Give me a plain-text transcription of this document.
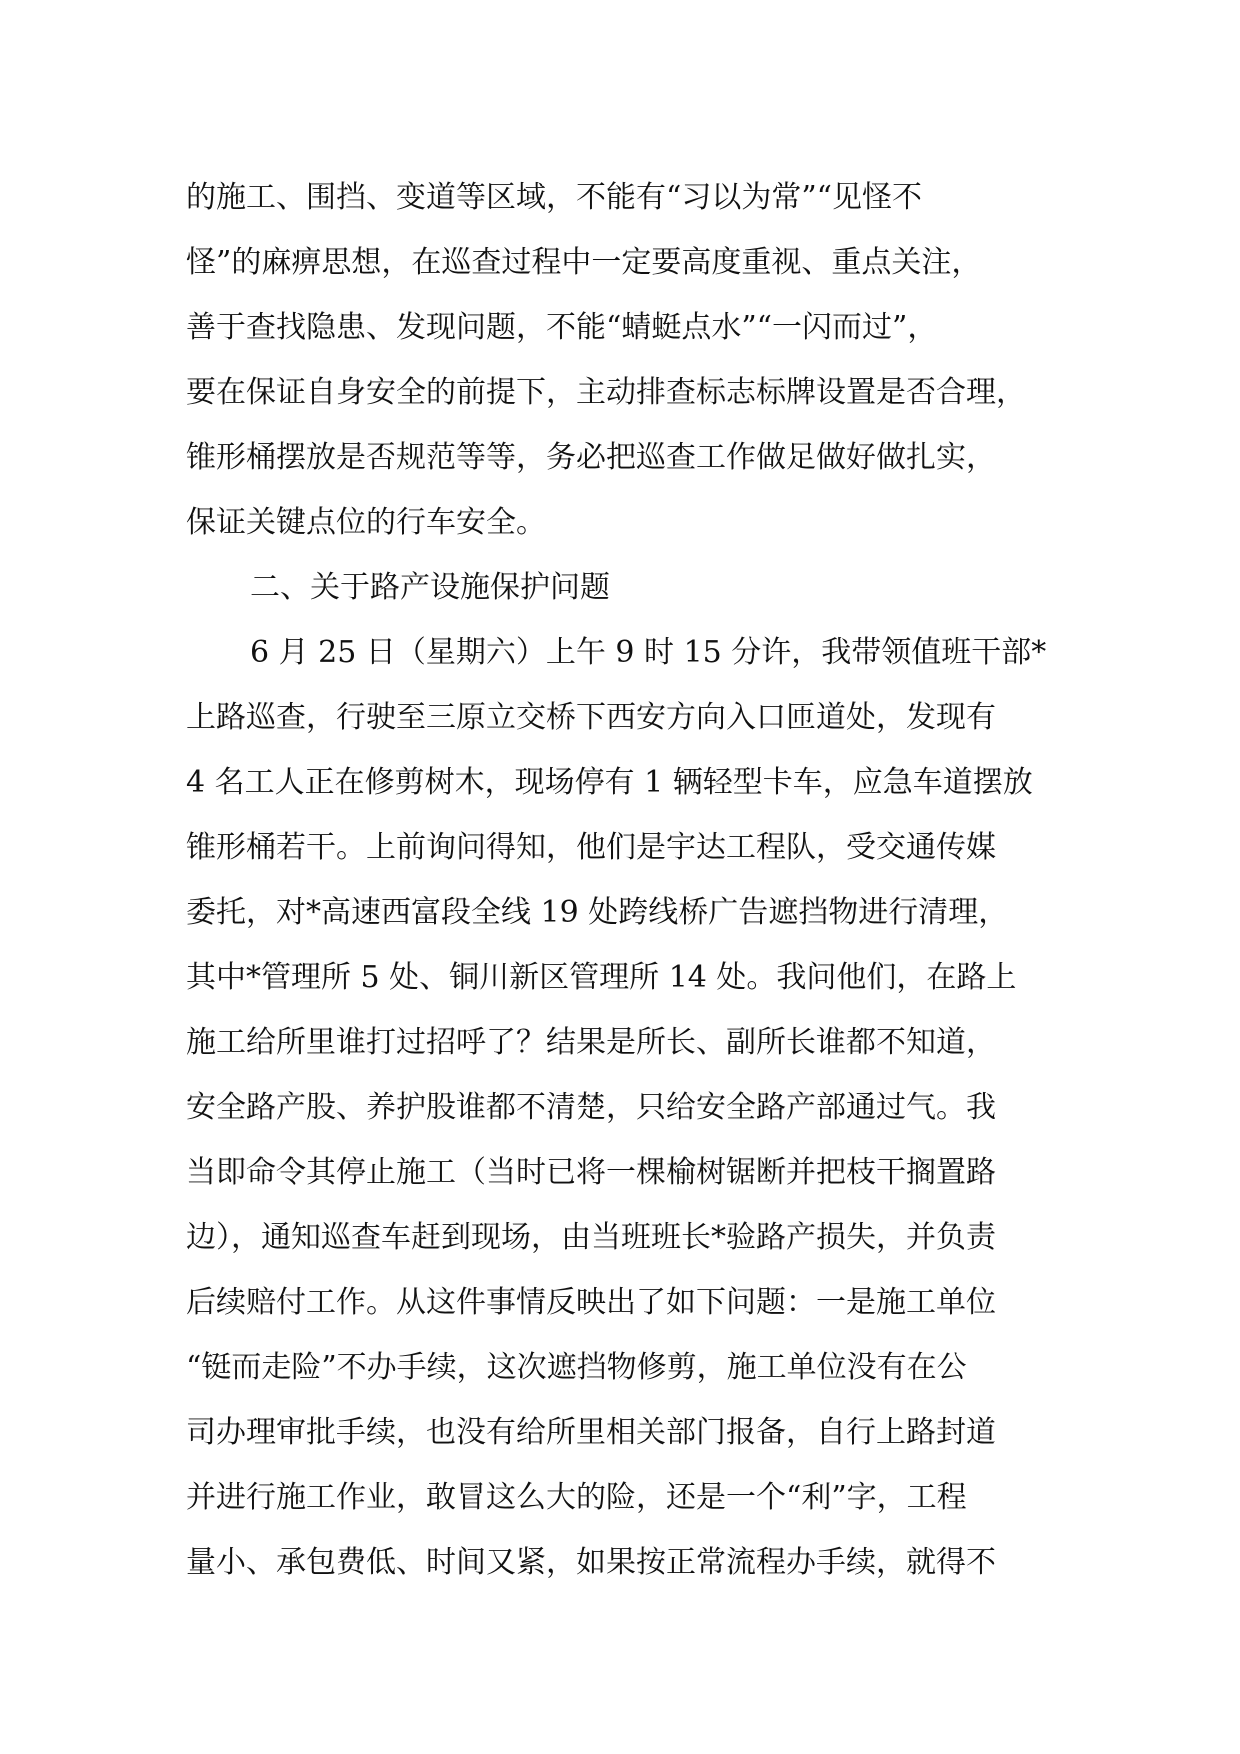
的施工、围挡、变道等区域，不能有“习以为常”“见怪不
怪”的麻痹思想，在巡查过程中一定要高度重视、重点关注，
善于查找隐患、发现问题，不能“蜻蜓点水”“一闪而过”，
要在保证自身安全的前提下，主动排查标志标牌设置是否合理，
锥形桶摆放是否规范等等，务必把巡查工作做足做好做扎实，
保证关键点位的行车安全。
二、关于路产设施保护问题
6 月 25 日（星期六）上午 9 时 15 分许，我带领值班干部*
上路巡查，行驶至三原立交桥下西安方向入口匝道处，发现有
4 名工人正在修剪树木，现场停有 1 辆轻型卡车，应急车道摆放
锥形桶若干。上前询问得知，他们是宇达工程队，受交通传媒
委托，对*高速西富段全线 19 处跨线桥广告遮挡物进行清理，
其中*管理所 5 处、铜川新区管理所 14 处。我问他们，在路上
施工给所里谁打过招呼了？结果是所长、副所长谁都不知道，
安全路产股、养护股谁都不清楚，只给安全路产部通过气。我
当即命令其停止施工（当时已将一棵榆树锯断并把枝干搁置路
边），通知巡查车赶到现场，由当班班长*验路产损失，并负责
后续赔付工作。从这件事情反映出了如下问题：一是施工单位
“铤而走险”不办手续，这次遮挡物修剪，施工单位没有在公
司办理审批手续，也没有给所里相关部门报备，自行上路封道
并进行施工作业，敢冒这么大的险，还是一个“利”字，工程
量小、承包费低、时间又紧，如果按正常流程办手续，就得不
